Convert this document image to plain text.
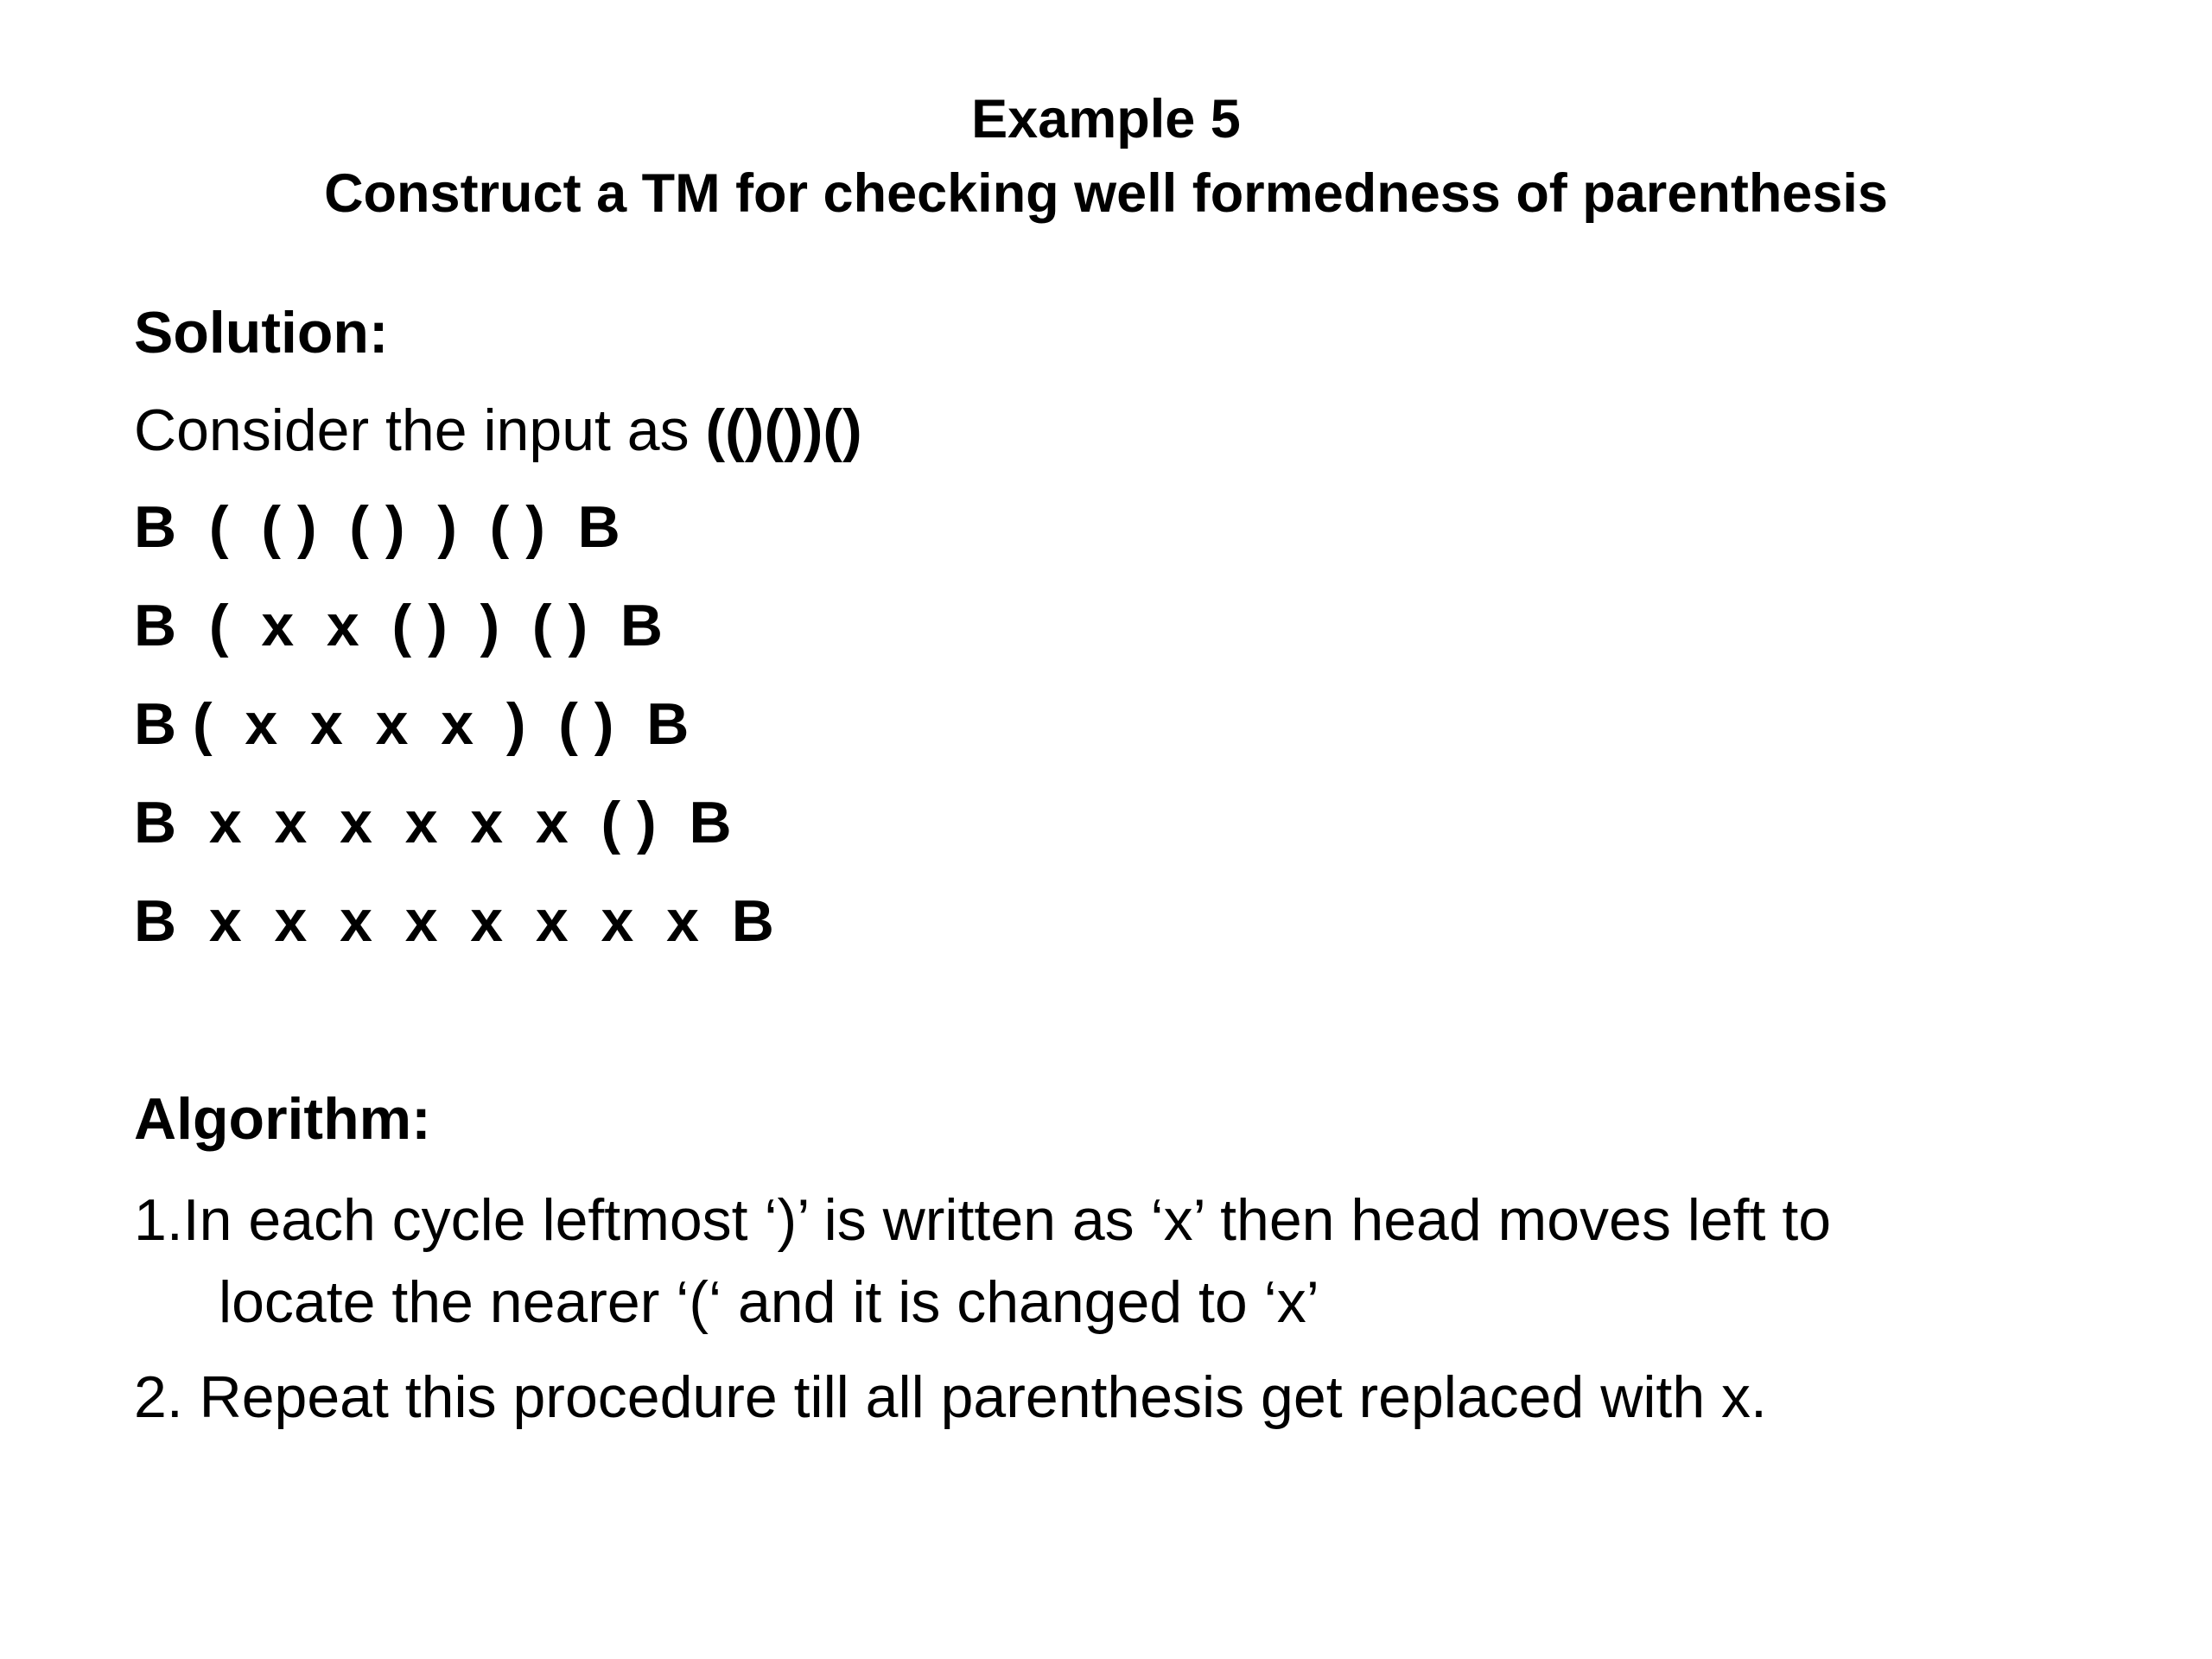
Example 5
Construct a TM for checking well formedness of parenthesis
Solution:
Consider the input as (()())()
B  (  ( )  ( )  )  ( )  B
B  (  x  x  ( )  )  ( )  B
B (  x  x  x  x  )  ( )  B
B  x  x  x  x  x  x  ( )  B
B  x  x  x  x  x  x  x  x  B
Algorithm:
1.In each cycle leftmost ‘)’ is written as ‘x’ then head moves left to
locate the nearer ‘(‘ and it is changed to ‘x’
2. Repeat this procedure till all parenthesis get replaced with x.
